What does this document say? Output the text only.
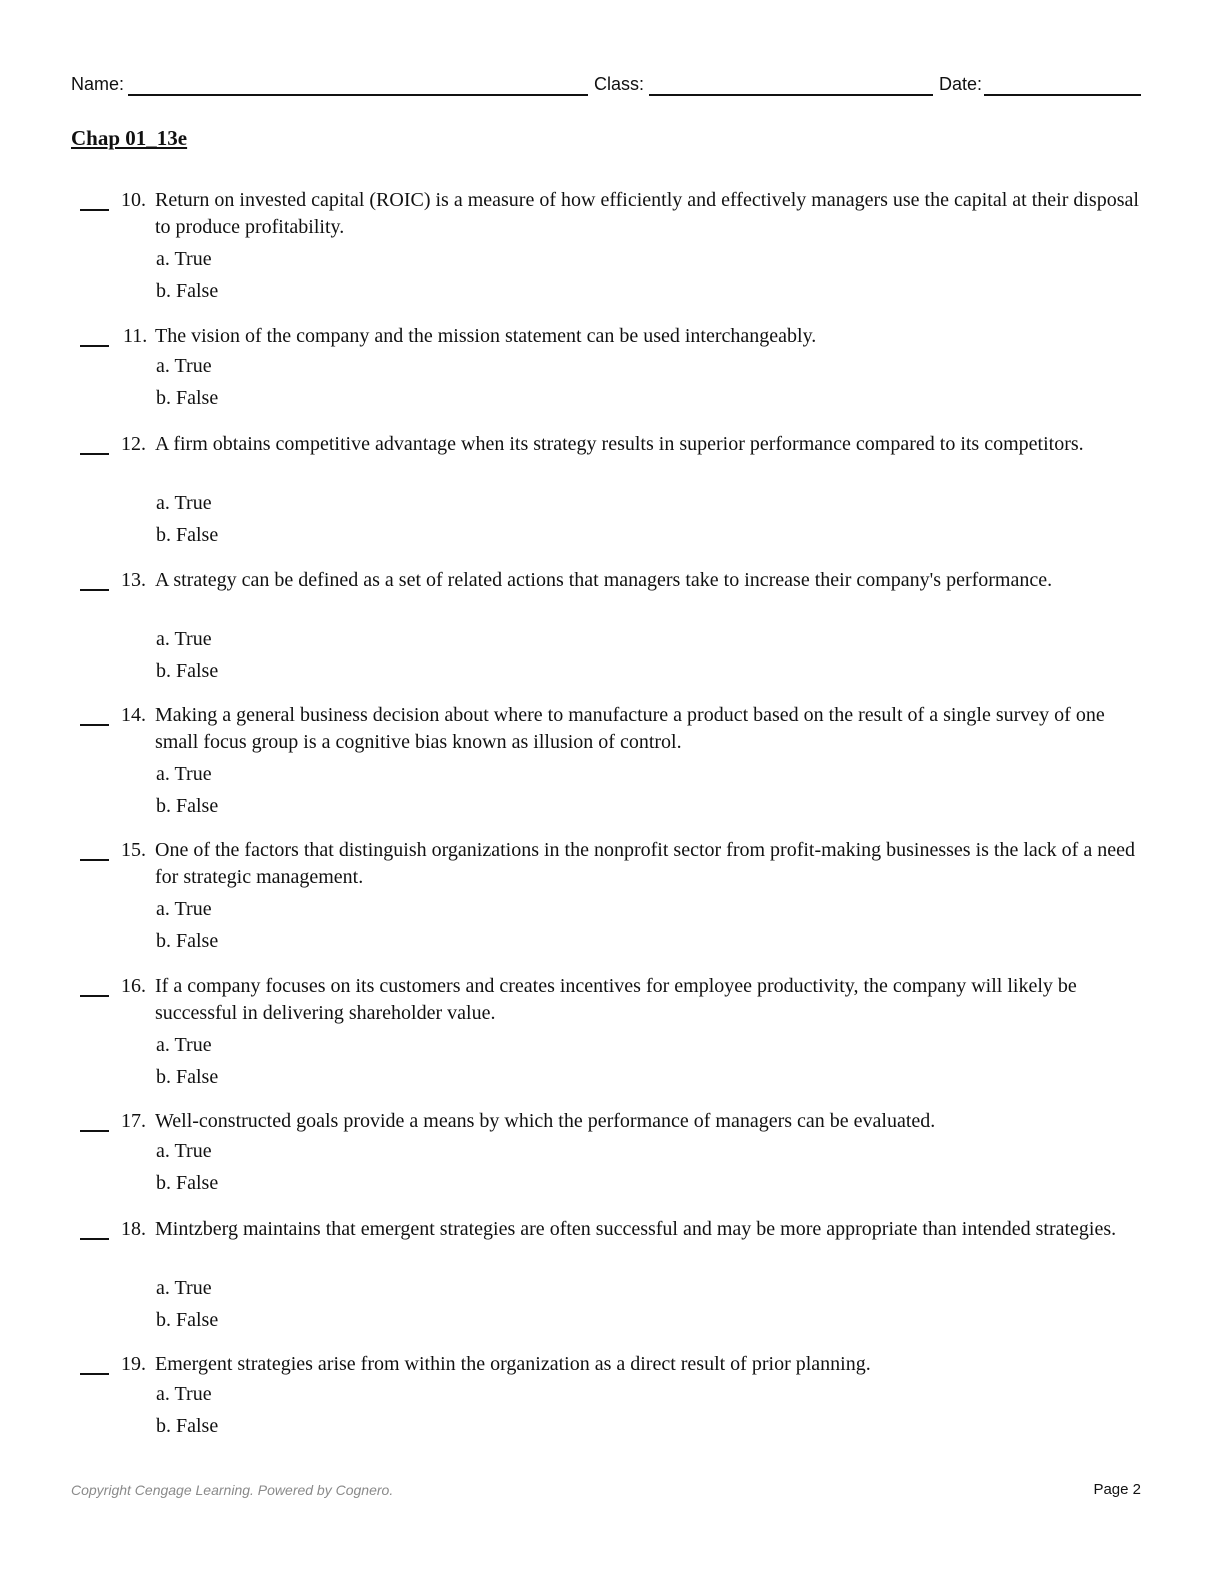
Name:	Class:	Date:
Chap 01_13e
10. Return on invested capital (ROIC) is a measure of how efficiently and effectively managers use the capital at their disposal to produce profitability.
a. True
b. False
11. The vision of the company and the mission statement can be used interchangeably.
a. True
b. False
12. A firm obtains competitive advantage when its strategy results in superior performance compared to its competitors.
a. True
b. False
13. A strategy can be defined as a set of related actions that managers take to increase their company's performance.
a. True
b. False
14. Making a general business decision about where to manufacture a product based on the result of a single survey of one small focus group is a cognitive bias known as illusion of control.
a. True
b. False
15. One of the factors that distinguish organizations in the nonprofit sector from profit-making businesses is the lack of a need for strategic management.
a. True
b. False
16. If a company focuses on its customers and creates incentives for employee productivity, the company will likely be successful in delivering shareholder value.
a. True
b. False
17. Well-constructed goals provide a means by which the performance of managers can be evaluated.
a. True
b. False
18. Mintzberg maintains that emergent strategies are often successful and may be more appropriate than intended strategies.
a. True
b. False
19. Emergent strategies arise from within the organization as a direct result of prior planning.
a. True
b. False
Copyright Cengage Learning. Powered by Cognero.	Page 2
